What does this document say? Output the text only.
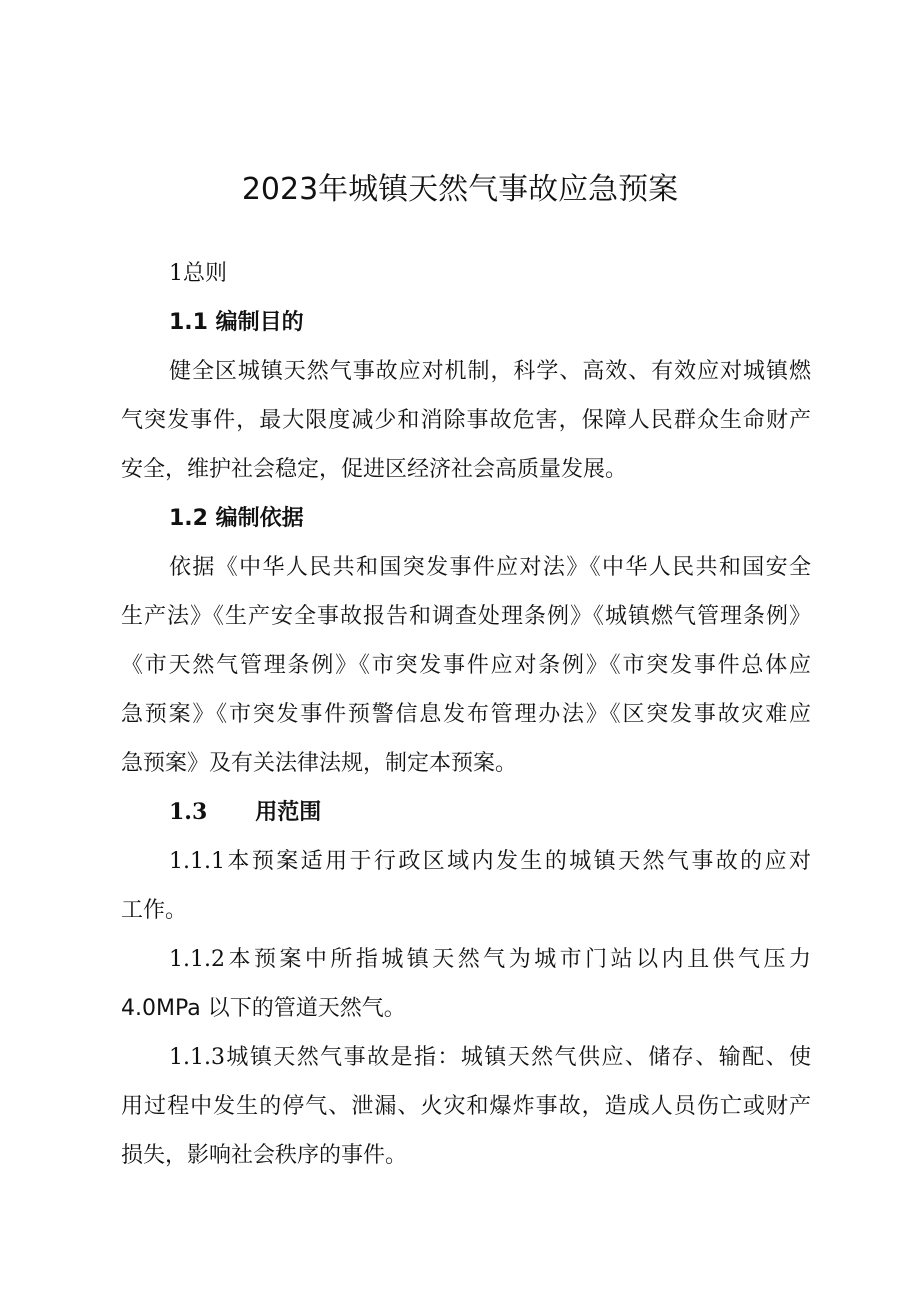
2023年城镇天然气事故应急预案
1总则
1.1 编制目的
健全区城镇天然气事故应对机制，科学、高效、有效应对城镇燃
气突发事件，最大限度减少和消除事故危害，保障人民群众生命财产
安全，维护社会稳定，促进区经济社会高质量发展。
1.2 编制依据
依据《中华人民共和国突发事件应对法》《中华人民共和国安全
生产法》《生产安全事故报告和调查处理条例》《城镇燃气管理条例》
《市天然气管理条例》《市突发事件应对条例》《市突发事件总体应
急预案》《市突发事件预警信息发布管理办法》《区突发事故灾难应
急预案》及有关法律法规，制定本预案。
1.3 用范围
1.1.1本预案适用于行政区域内发生的城镇天然气事故的应对
工作。
1.1.2本预案中所指城镇天然气为城市门站以内且供气压力
4.0MPa 以下的管道天然气。
1.1.3城镇天然气事故是指：城镇天然气供应、储存、输配、使
用过程中发生的停气、泄漏、火灾和爆炸事故，造成人员伤亡或财产
损失，影响社会秩序的事件。
